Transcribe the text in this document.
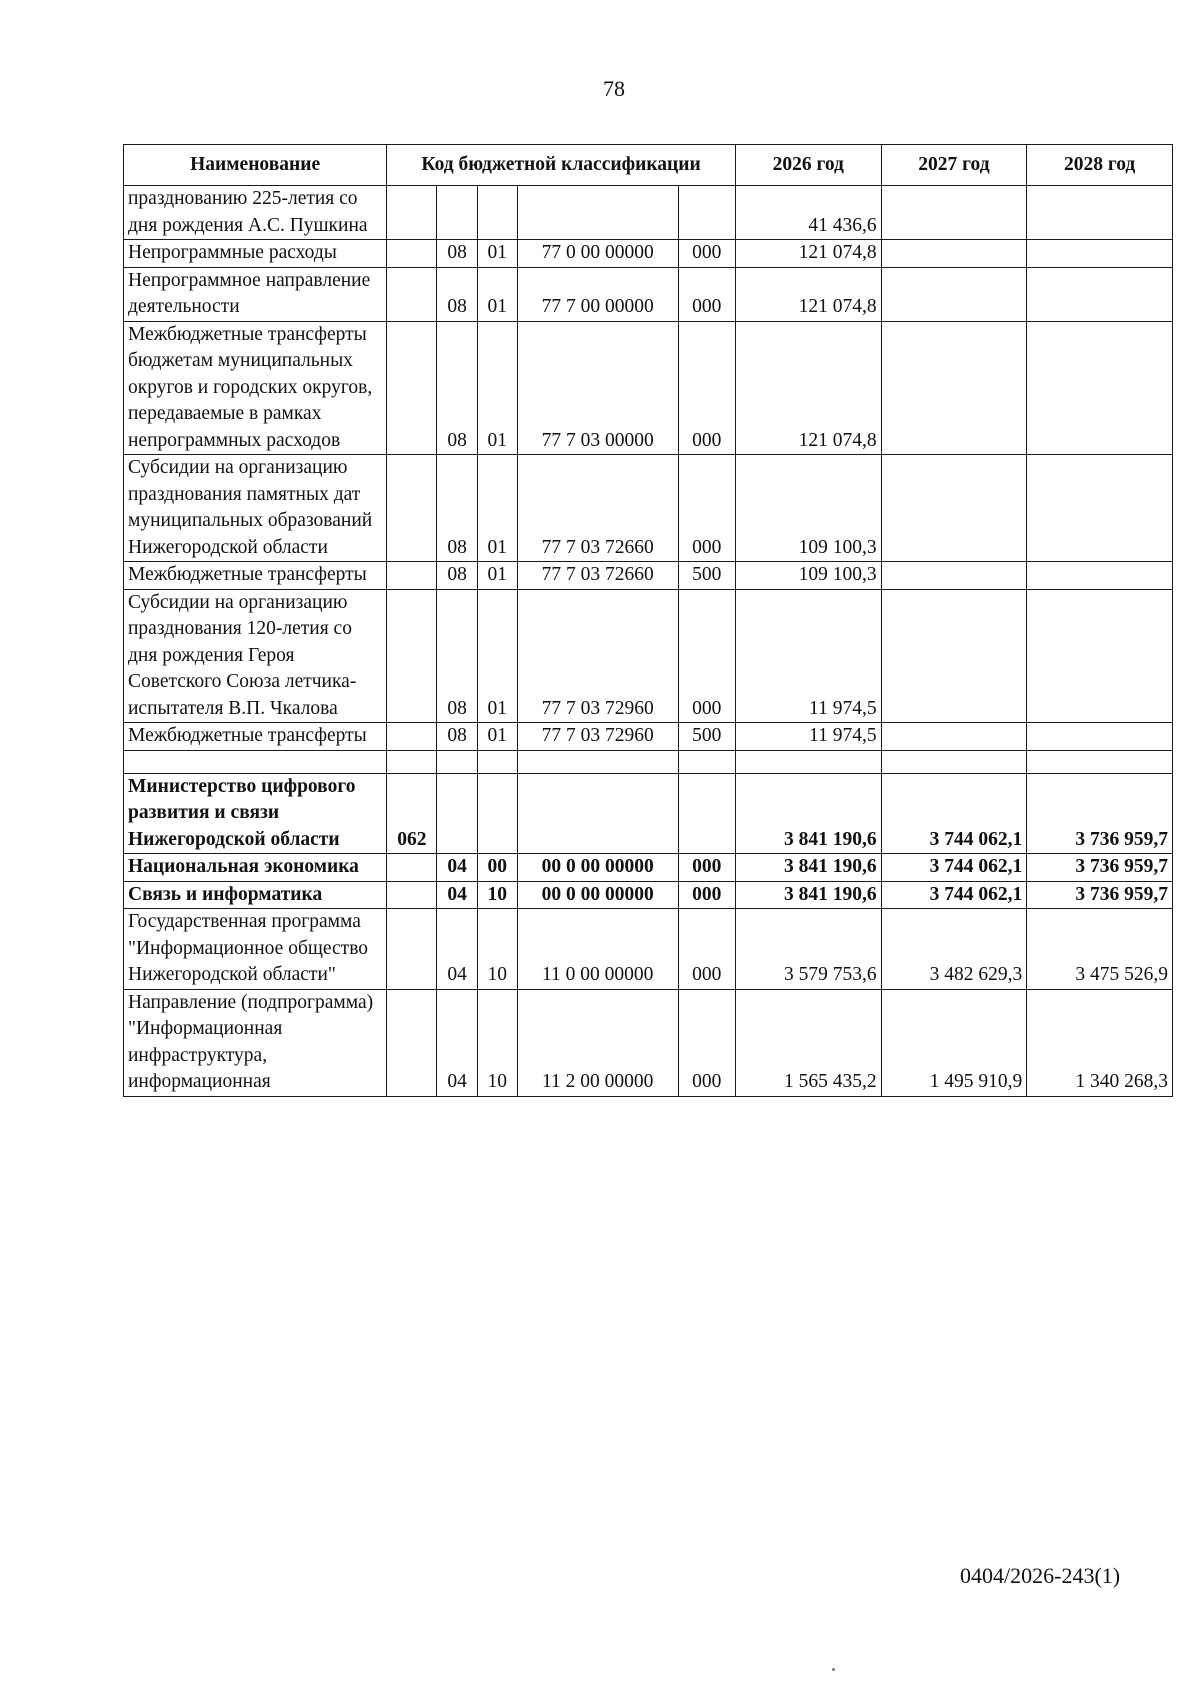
78
Наименование	Код бюджетной классификации					2026 год	2027 год	2028 год
празднованию 225-летия со дня рождения А.С. Пушкина						41 436,6		
Непрограммные расходы		08	01	77 0 00 00000	000	121 074,8		
Непрограммное направление деятельности		08	01	77 7 00 00000	000	121 074,8		
Межбюджетные трансферты бюджетам муниципальных округов и городских округов, передаваемые в рамках непрограммных расходов		08	01	77 7 03 00000	000	121 074,8		
Субсидии на организацию празднования памятных дат муниципальных образований Нижегородской области		08	01	77 7 03 72660	000	109 100,3		
Межбюджетные трансферты		08	01	77 7 03 72660	500	109 100,3		
Субсидии на организацию празднования 120-летия со дня рождения Героя Советского Союза летчика-испытателя В.П. Чкалова		08	01	77 7 03 72960	000	11 974,5		
Межбюджетные трансферты		08	01	77 7 03 72960	500	11 974,5		

Министерство цифрового развития и связи Нижегородской области	062					3 841 190,6	3 744 062,1	3 736 959,7
Национальная экономика		04	00	00 0 00 00000	000	3 841 190,6	3 744 062,1	3 736 959,7
Связь и информатика		04	10	00 0 00 00000	000	3 841 190,6	3 744 062,1	3 736 959,7
Государственная программа "Информационное общество Нижегородской области"		04	10	11 0 00 00000	000	3 579 753,6	3 482 629,3	3 475 526,9
Направление (подпрограмма) "Информационная инфраструктура, информационная		04	10	11 2 00 00000	000	1 565 435,2	1 495 910,9	1 340 268,3
0404/2026-243(1)
